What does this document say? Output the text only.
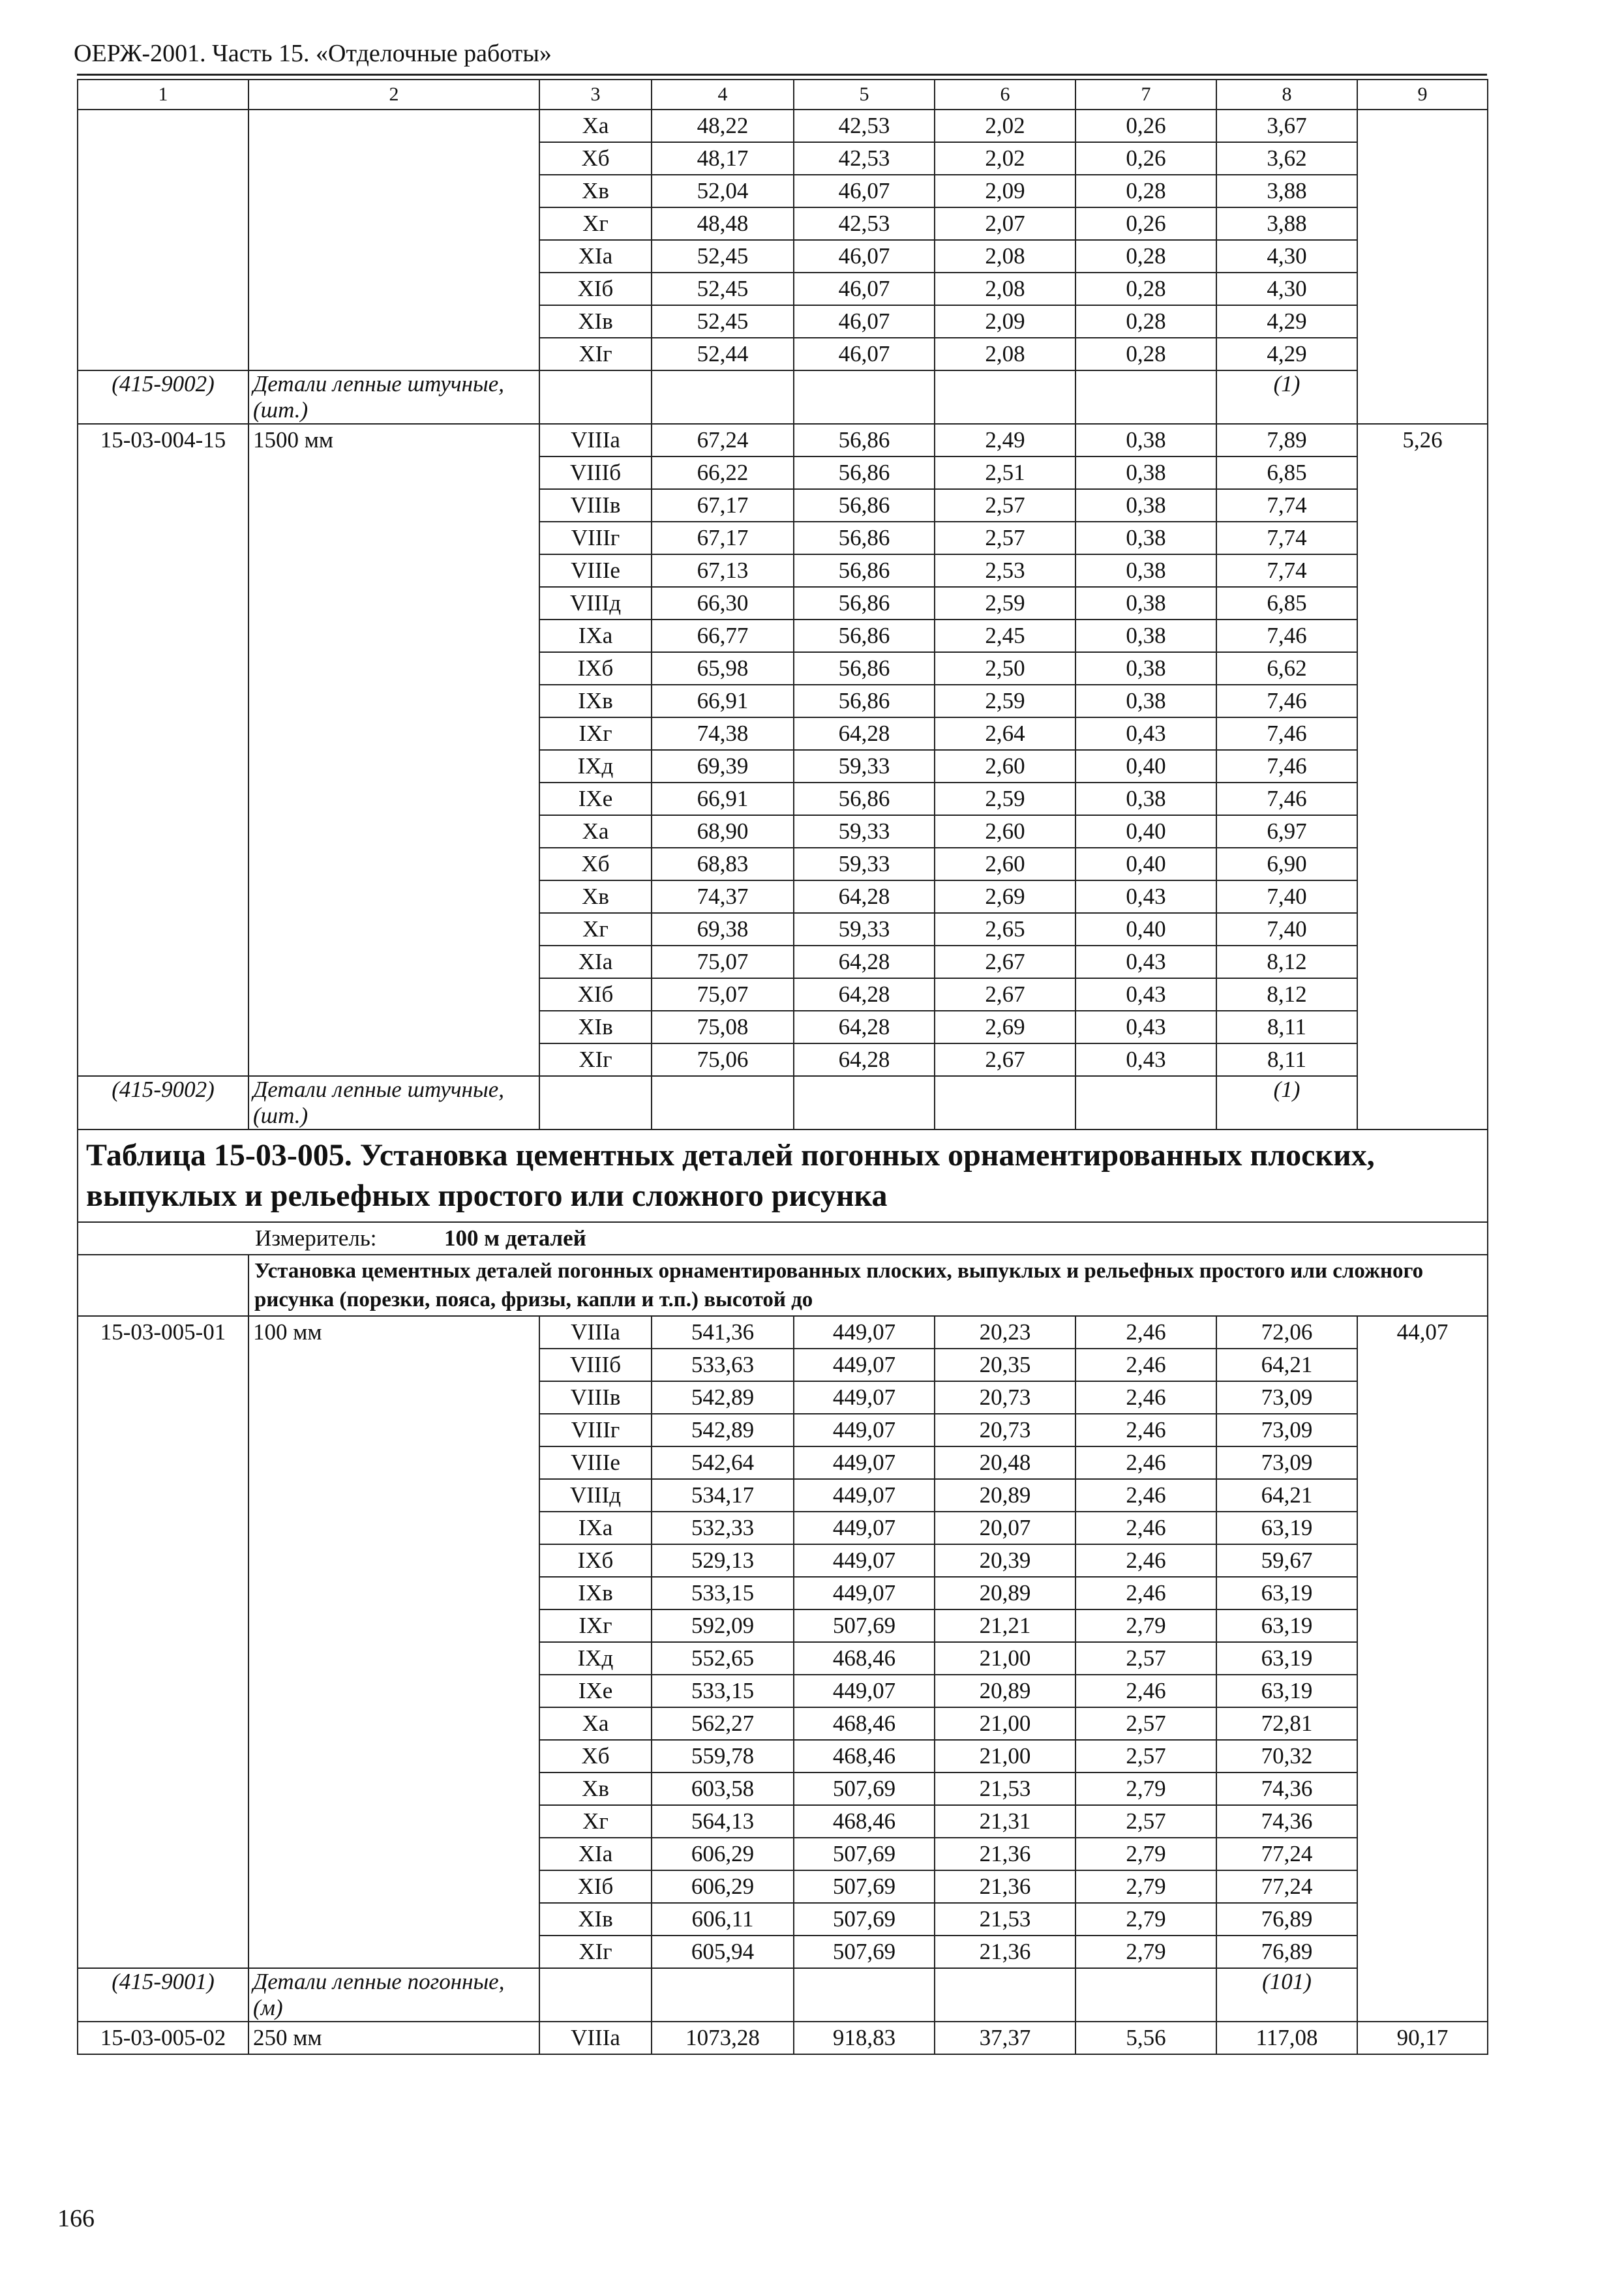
ОЕРЖ-2001. Часть 15. «Отделочные работы»
1	2	3	4	5	6	7	8	9
		Xa	48,22	42,53	2,02	0,26	3,67	
		Xб	48,17	42,53	2,02	0,26	3,62	
		Xв	52,04	46,07	2,09	0,28	3,88	
		Xг	48,48	42,53	2,07	0,26	3,88	
		XIa	52,45	46,07	2,08	0,28	4,30	
		XIб	52,45	46,07	2,08	0,28	4,30	
		XIв	52,45	46,07	2,09	0,28	4,29	
		XIг	52,44	46,07	2,08	0,28	4,29	
(415-9002)	Детали лепные штучные, (шт.)						(1)	
15-03-004-15	1500 мм	VIIIa	67,24	56,86	2,49	0,38	7,89	5,26
		VIIIб	66,22	56,86	2,51	0,38	6,85	
		VIIIв	67,17	56,86	2,57	0,38	7,74	
		VIIIг	67,17	56,86	2,57	0,38	7,74	
		VIIIe	67,13	56,86	2,53	0,38	7,74	
		VIIIд	66,30	56,86	2,59	0,38	6,85	
		IXa	66,77	56,86	2,45	0,38	7,46	
		IXб	65,98	56,86	2,50	0,38	6,62	
		IXв	66,91	56,86	2,59	0,38	7,46	
		IXг	74,38	64,28	2,64	0,43	7,46	
		IXд	69,39	59,33	2,60	0,40	7,46	
		IXe	66,91	56,86	2,59	0,38	7,46	
		Xa	68,90	59,33	2,60	0,40	6,97	
		Xб	68,83	59,33	2,60	0,40	6,90	
		Xв	74,37	64,28	2,69	0,43	7,40	
		Xг	69,38	59,33	2,65	0,40	7,40	
		XIa	75,07	64,28	2,67	0,43	8,12	
		XIб	75,07	64,28	2,67	0,43	8,12	
		XIв	75,08	64,28	2,69	0,43	8,11	
		XIг	75,06	64,28	2,67	0,43	8,11	
(415-9002)	Детали лепные штучные, (шт.)						(1)	
Таблица 15-03-005. Установка цементных деталей погонных орнаментированных плоских, выпуклых и рельефных простого или сложного рисунка								
Измеритель: 100 м деталей								
	Установка цементных деталей погонных орнаментированных плоских, выпуклых и рельефных простого или сложного рисунка (порезки, пояса, фризы, капли и т.п.) высотой до							
15-03-005-01	100 мм	VIIIa	541,36	449,07	20,23	2,46	72,06	44,07
		VIIIб	533,63	449,07	20,35	2,46	64,21	
		VIIIв	542,89	449,07	20,73	2,46	73,09	
		VIIIг	542,89	449,07	20,73	2,46	73,09	
		VIIIe	542,64	449,07	20,48	2,46	73,09	
		VIIIд	534,17	449,07	20,89	2,46	64,21	
		IXa	532,33	449,07	20,07	2,46	63,19	
		IXб	529,13	449,07	20,39	2,46	59,67	
		IXв	533,15	449,07	20,89	2,46	63,19	
		IXг	592,09	507,69	21,21	2,79	63,19	
		IXд	552,65	468,46	21,00	2,57	63,19	
		IXe	533,15	449,07	20,89	2,46	63,19	
		Xa	562,27	468,46	21,00	2,57	72,81	
		Xб	559,78	468,46	21,00	2,57	70,32	
		Xв	603,58	507,69	21,53	2,79	74,36	
		Xг	564,13	468,46	21,31	2,57	74,36	
		XIa	606,29	507,69	21,36	2,79	77,24	
		XIб	606,29	507,69	21,36	2,79	77,24	
		XIв	606,11	507,69	21,53	2,79	76,89	
		XIг	605,94	507,69	21,36	2,79	76,89	
(415-9001)	Детали лепные погонные, (м)						(101)	
15-03-005-02	250 мм	VIIIa	1073,28	918,83	37,37	5,56	117,08	90,17
166
